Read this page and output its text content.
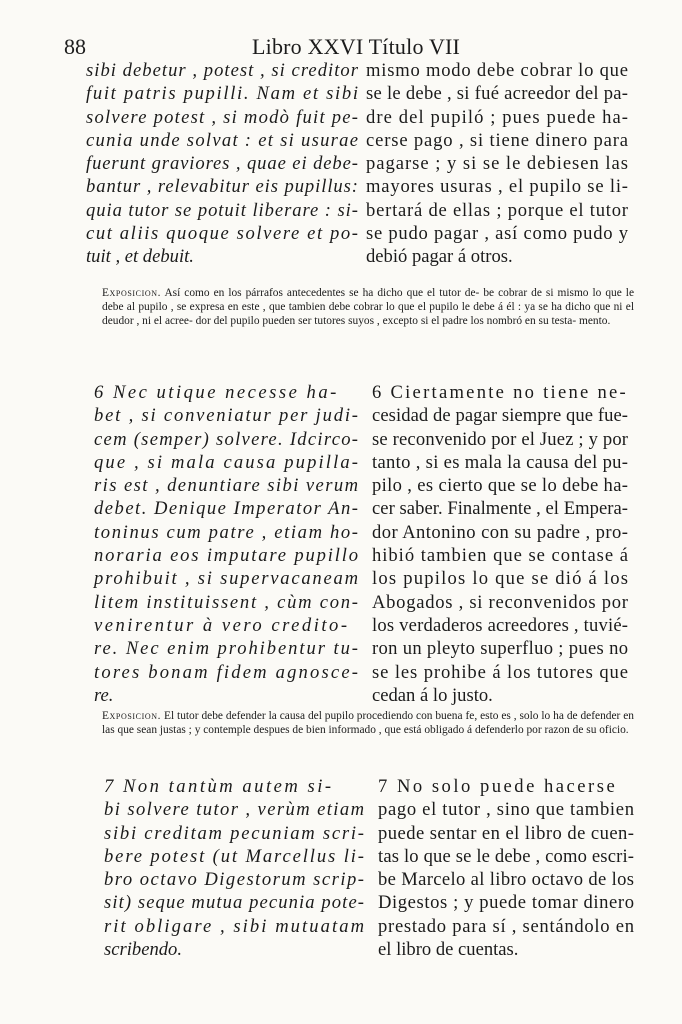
88	Libro XXVI Título VII
sibi debetur , potest , si creditor
fuit patris pupilli. Nam et sibi
solvere potest , si modò fuit pe-
cunia unde solvat : et si usurae
fuerunt graviores , quae ei debe-
bantur , relevabitur eis pupillus:
quia tutor se potuit liberare : si-
cut aliis quoque solvere et po-
tuit , et debuit.
mismo modo debe cobrar lo que
se le debe , si fué acreedor del pa-
dre del pupiló ; pues puede ha-
cerse pago , si tiene dinero para
pagarse ; y si se le debiesen las
mayores usuras , el pupilo se li-
bertará de ellas ; porque el tutor
se pudo pagar , así como pudo y
debió pagar á otros.

Exposicion. Así como en los párrafos antecedentes se ha dicho que el tutor de- be cobrar de si mismo lo que le debe al pupilo , se expresa en este , que tambien debe cobrar lo que el pupilo le debe á él : ya se ha dicho que ni el deudor , ni el acree- dor del pupilo pueden ser tutores suyos , excepto si el padre los nombró en su testa- mento.

6 Nec utique necesse ha-
bet , si conveniatur per judi-
cem (semper) solvere. Idcirco-
que , si mala causa pupilla-
ris est , denuntiare sibi verum
debet. Denique Imperator An-
toninus cum patre , etiam ho-
noraria eos imputare pupillo
prohibuit , si supervacaneam
litem instituissent , cùm con-
venirentur à vero credito-
re. Nec enim prohibentur tu-
tores bonam fidem agnosce-
re.
6 Ciertamente no tiene ne-
cesidad de pagar siempre que fue-
se reconvenido por el Juez ; y por
tanto , si es mala la causa del pu-
pilo , es cierto que se lo debe ha-
cer saber. Finalmente , el Empera-
dor Antonino con su padre , pro-
hibió tambien que se contase á
los pupilos lo que se dió á los
Abogados , si reconvenidos por
los verdaderos acreedores , tuvié-
ron un pleyto superfluo ; pues no
se les prohibe á los tutores que
cedan á lo justo.

Exposicion. El tutor debe defender la causa del pupilo procediendo con buena fe, esto es , solo lo ha de defender en las que sean justas ; y contemple despues de bien informado , que está obligado á defenderlo por razon de su oficio.

7 Non tantùm autem si-
bi solvere tutor , verùm etiam
sibi creditam pecuniam scri-
bere potest (ut Marcellus li-
bro octavo Digestorum scrip-
sit) seque mutua pecunia pote-
rit obligare , sibi mutuatam
scribendo.
7 No solo puede hacerse
pago el tutor , sino que tambien
puede sentar en el libro de cuen-
tas lo que se le debe , como escri-
be Marcelo al libro octavo de los
Digestos ; y puede tomar dinero
prestado para sí , sentándolo en
el libro de cuentas.
